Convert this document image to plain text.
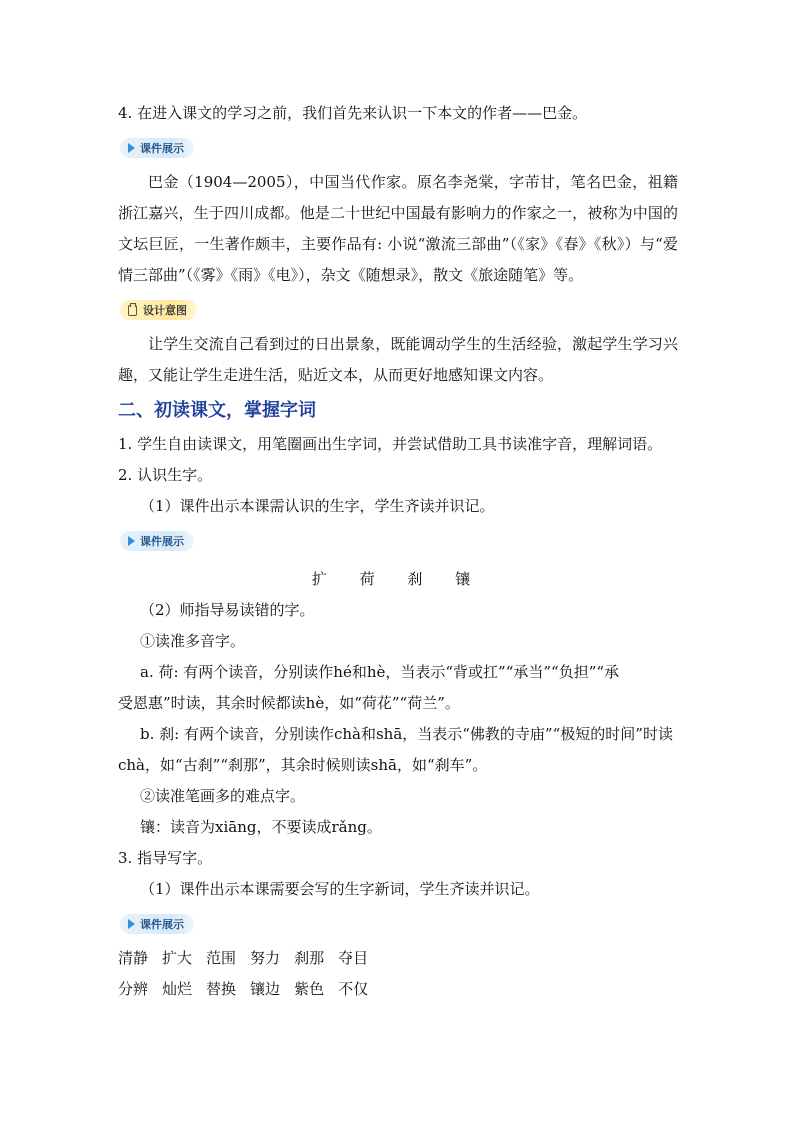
4. 在进入课文的学习之前，我们首先来认识一下本文的作者——巴金。
课件展示
巴金（1904—2005），中国当代作家。原名李尧棠，字芾甘，笔名巴金，祖籍浙江嘉兴，生于四川成都。他是二十世纪中国最有影响力的作家之一，被称为中国的文坛巨匠，一生著作颇丰，主要作品有: 小说“激流三部曲”（《家》《春》《秋》）与“爱情三部曲”（《雾》《雨》《电》），杂文《随想录》，散文《旅途随笔》等。
设计意图
让学生交流自己看到过的日出景象，既能调动学生的生活经验，激起学生学习兴趣，又能让学生走进生活，贴近文本，从而更好地感知课文内容。
二、初读课文，掌握字词
1. 学生自由读课文，用笔圈画出生字词，并尝试借助工具书读准字音，理解词语。
2. 认识生字。
（1）课件出示本课需认识的生字，学生齐读并识记。
课件展示
扩 荷 刹 镶
（2）师指导易读错的字。
①读准多音字。
a. 荷: 有两个读音，分别读作hé和hè，当表示“背或扛”“承当”“负担”“承
受恩惠”时读，其余时候都读hè，如“荷花”“荷兰”。
b. 刹: 有两个读音，分别读作chà和shā，当表示“佛教的寺庙”“极短的时间”时读
chà，如“古刹”“刹那”，其余时候则读shā，如“刹车”。
②读准笔画多的难点字。
镶：读音为xiāng，不要读成rǎng。
3. 指导写字。
（1）课件出示本课需要会写的生字新词，学生齐读并识记。
课件展示
清静 扩大 范围 努力 刹那 夺目
分辨 灿烂 替换 镶边 紫色 不仅
